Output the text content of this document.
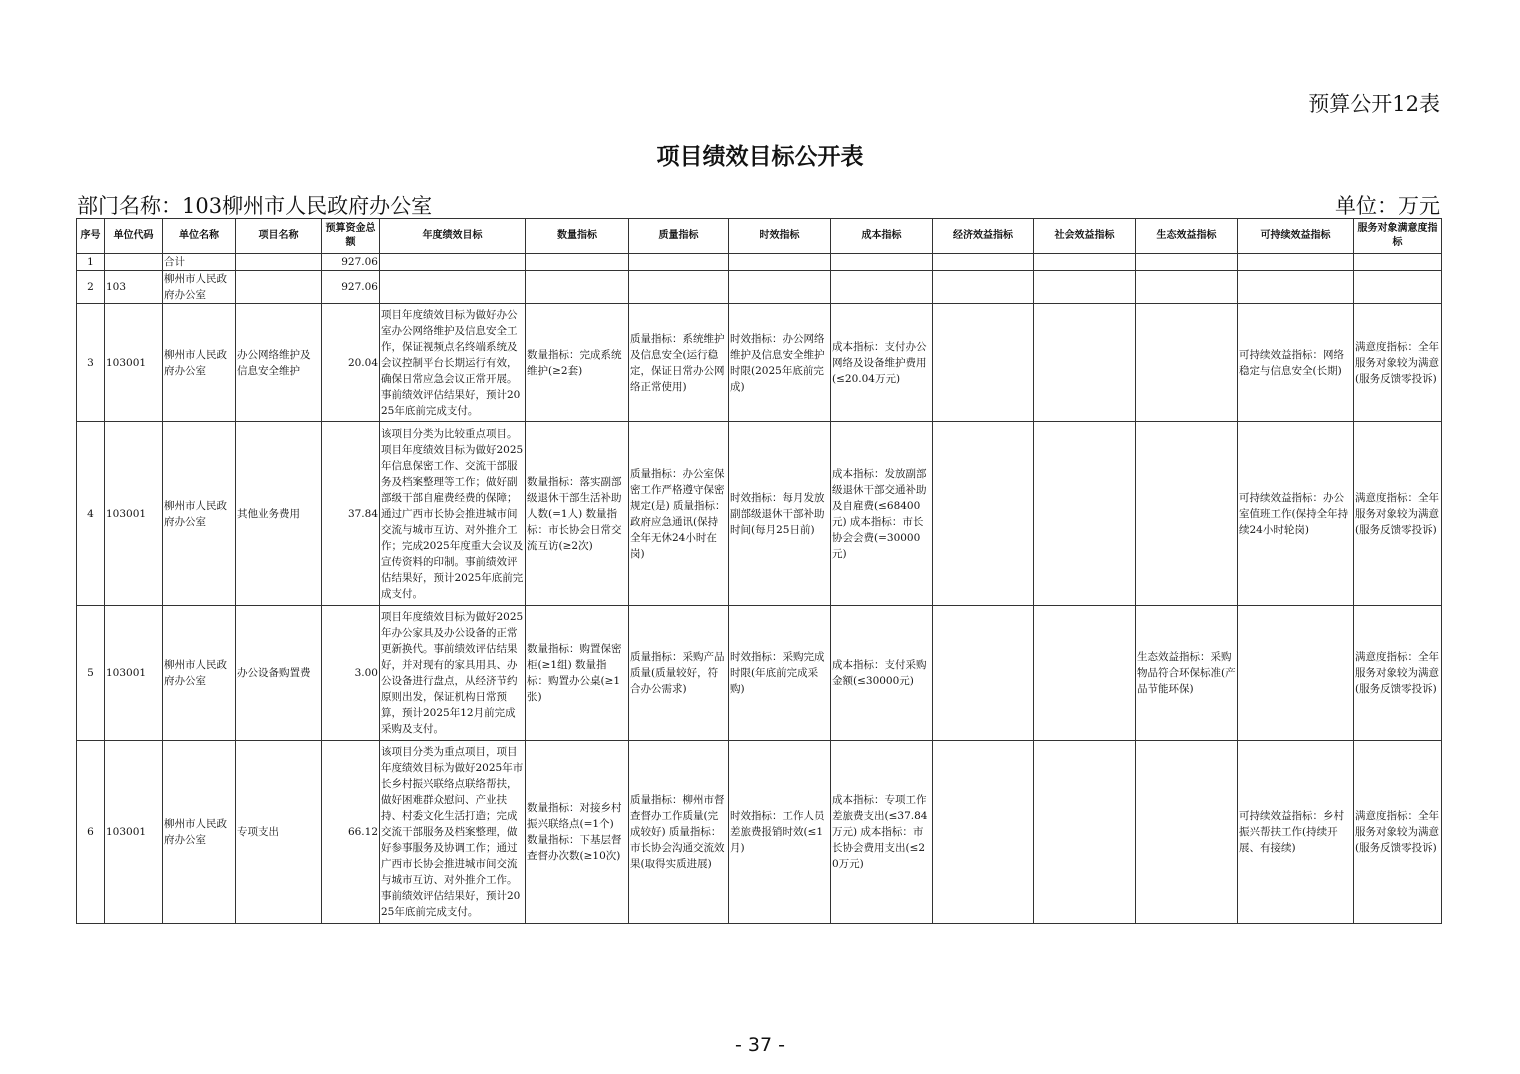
预算公开12表
项目绩效目标公开表
部门名称：103柳州市人民政府办公室	单位：万元
序号	单位代码	单位名称	项目名称	预算资金总额	年度绩效目标	数量指标	质量指标	时效指标	成本指标	经济效益指标	社会效益指标	生态效益指标	可持续效益指标	服务对象满意度指标
1		合计		927.06										
2	103	柳州市人民政府办公室		927.06										
3	103001	柳州市人民政府办公室	办公网络维护及信息安全维护	20.04	项目年度绩效目标为做好办公室办公网络维护及信息安全工作，保证视频点名终端系统及会议控制平台长期运行有效，确保日常应急会议正常开展。事前绩效评估结果好，预计2025年底前完成支付。	数量指标：完成系统维护(≥2套)	质量指标：系统维护及信息安全(运行稳定，保证日常办公网络正常使用)	时效指标：办公网络维护及信息安全维护时限(2025年底前完成)	成本指标：支付办公网络及设备维护费用(≤20.04万元)				可持续效益指标：网络稳定与信息安全(长期)	满意度指标：全年服务对象较为满意(服务反馈零投诉)
4	103001	柳州市人民政府办公室	其他业务费用	37.84	该项目分类为比较重点项目。项目年度绩效目标为做好2025年信息保密工作、交流干部服务及档案整理等工作；做好副部级干部自雇费经费的保障；通过广西市长协会推进城市间交流与城市互访、对外推介工作；完成2025年度重大会议及宣传资料的印制。事前绩效评估结果好，预计2025年底前完成支付。	数量指标：落实副部级退休干部生活补助人数(=1人) 数量指标：市长协会日常交流互访(≥2次)	质量指标：办公室保密工作严格遵守保密规定(是) 质量指标：政府应急通讯(保持全年无休24小时在岗)	时效指标：每月发放副部级退休干部补助时间(每月25日前)	成本指标：发放副部级退休干部交通补助及自雇费(≤68400元) 成本指标：市长协会会费(=30000元)				可持续效益指标：办公室值班工作(保持全年持续24小时轮岗)	满意度指标：全年服务对象较为满意(服务反馈零投诉)
5	103001	柳州市人民政府办公室	办公设备购置费	3.00	项目年度绩效目标为做好2025年办公家具及办公设备的正常更新换代。事前绩效评估结果好，并对现有的家具用具、办公设备进行盘点，从经济节约原则出发，保证机构日常预算，预计2025年12月前完成采购及支付。	数量指标：购置保密柜(≥1组) 数量指标：购置办公桌(≥1张)	质量指标：采购产品质量(质量较好，符合办公需求)	时效指标：采购完成时限(年底前完成采购)	成本指标：支付采购金额(≤30000元)			生态效益指标：采购物品符合环保标准(产品节能环保)		满意度指标：全年服务对象较为满意(服务反馈零投诉)
6	103001	柳州市人民政府办公室	专项支出	66.12	该项目分类为重点项目，项目年度绩效目标为做好2025年市长乡村振兴联络点联络帮扶，做好困难群众慰问、产业扶持、村委文化生活打造；完成交流干部服务及档案整理，做好参事服务及协调工作；通过广西市长协会推进城市间交流与城市互访、对外推介工作。事前绩效评估结果好，预计2025年底前完成支付。	数量指标：对接乡村振兴联络点(=1个) 数量指标：下基层督查督办次数(≥10次)	质量指标：柳州市督查督办工作质量(完成较好) 质量指标：市长协会沟通交流效果(取得实质进展)	时效指标：工作人员差旅费报销时效(≤1月)	成本指标：专项工作差旅费支出(≤37.84万元) 成本指标：市长协会费用支出(≤20万元)				可持续效益指标：乡村振兴帮扶工作(持续开展、有接续)	满意度指标：全年服务对象较为满意(服务反馈零投诉)
- 37 -
